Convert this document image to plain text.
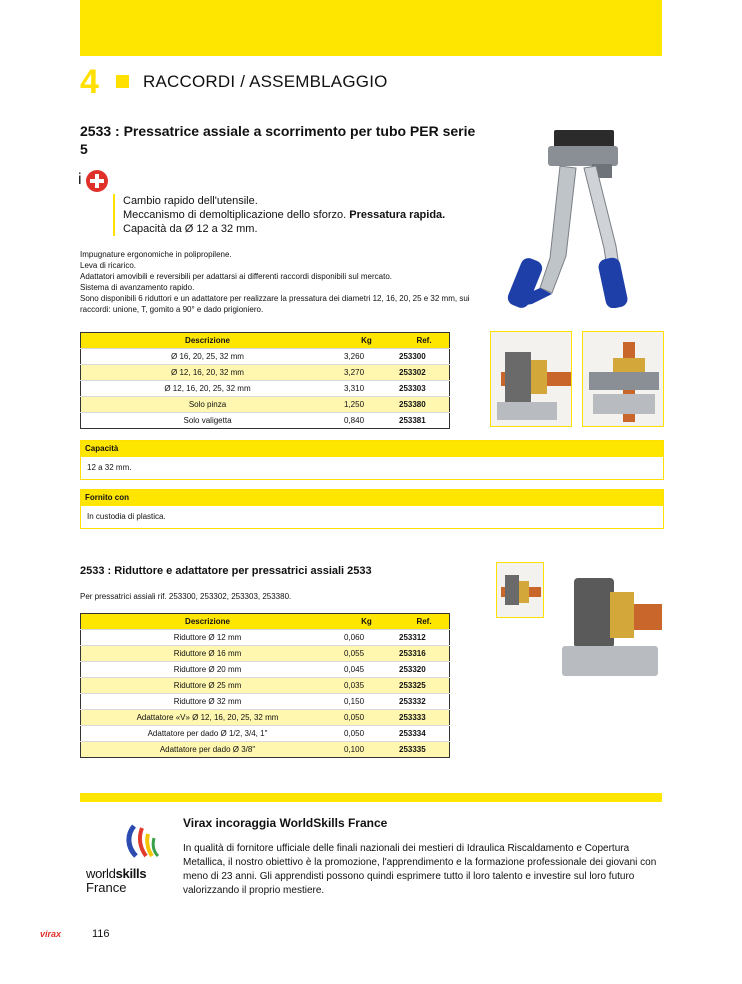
4	RACCORDI / ASSEMBLAGGIO
2533 : Pressatrice assiale a scorrimento per tubo PER serie 5
i
Cambio rapido dell'utensile.
Meccanismo di demoltiplicazione dello sforzo. Pressatura rapida.
Capacità da Ø 12 a 32 mm.
Impugnature ergonomiche in polipropilene.
Leva di ricarico.
Adattatori amovibili e reversibili per adattarsi ai differenti raccordi disponibili sul mercato.
Sistema di avanzamento rapido.
Sono disponibili 6 riduttori e un adattatore per realizzare la pressatura dei diametri 12, 16, 20, 25 e 32 mm, sui raccordi: unione, T, gomito a 90° e dado prigioniero.
Descrizione	Kg	Ref.
Ø 16, 20, 25, 32 mm	3,260	253300
Ø 12, 16, 20, 32 mm	3,270	253302
Ø 12, 16, 20, 25, 32 mm	3,310	253303
Solo pinza	1,250	253380
Solo valigetta	0,840	253381
Capacità
12 a 32 mm.
Fornito con
In custodia di plastica.
2533 : Riduttore e adattatore per pressatrici assiali 2533
Per pressatrici assiali rif. 253300, 253302, 253303, 253380.
Descrizione	Kg	Ref.
Riduttore Ø 12 mm	0,060	253312
Riduttore Ø 16 mm	0,055	253316
Riduttore Ø 20 mm	0,045	253320
Riduttore Ø 25 mm	0,035	253325
Riduttore Ø 32 mm	0,150	253332
Adattatore «V» Ø 12, 16, 20, 25, 32 mm	0,050	253333
Adattatore per dado Ø 1/2, 3/4, 1"	0,050	253334
Adattatore per dado Ø 3/8"	0,100	253335
worldskills
France
Virax incoraggia WorldSkills France
In qualità di fornitore ufficiale delle finali nazionali dei mestieri di Idraulica Riscaldamento e Copertura Metallica, il nostro obiettivo è la promozione, l'apprendimento e la formazione professionale dei giovani con meno di 23 anni. Gli apprendisti possono quindi esprimere tutto il loro talento e investire sul loro futuro valorizzando il proprio mestiere.
virax	116
